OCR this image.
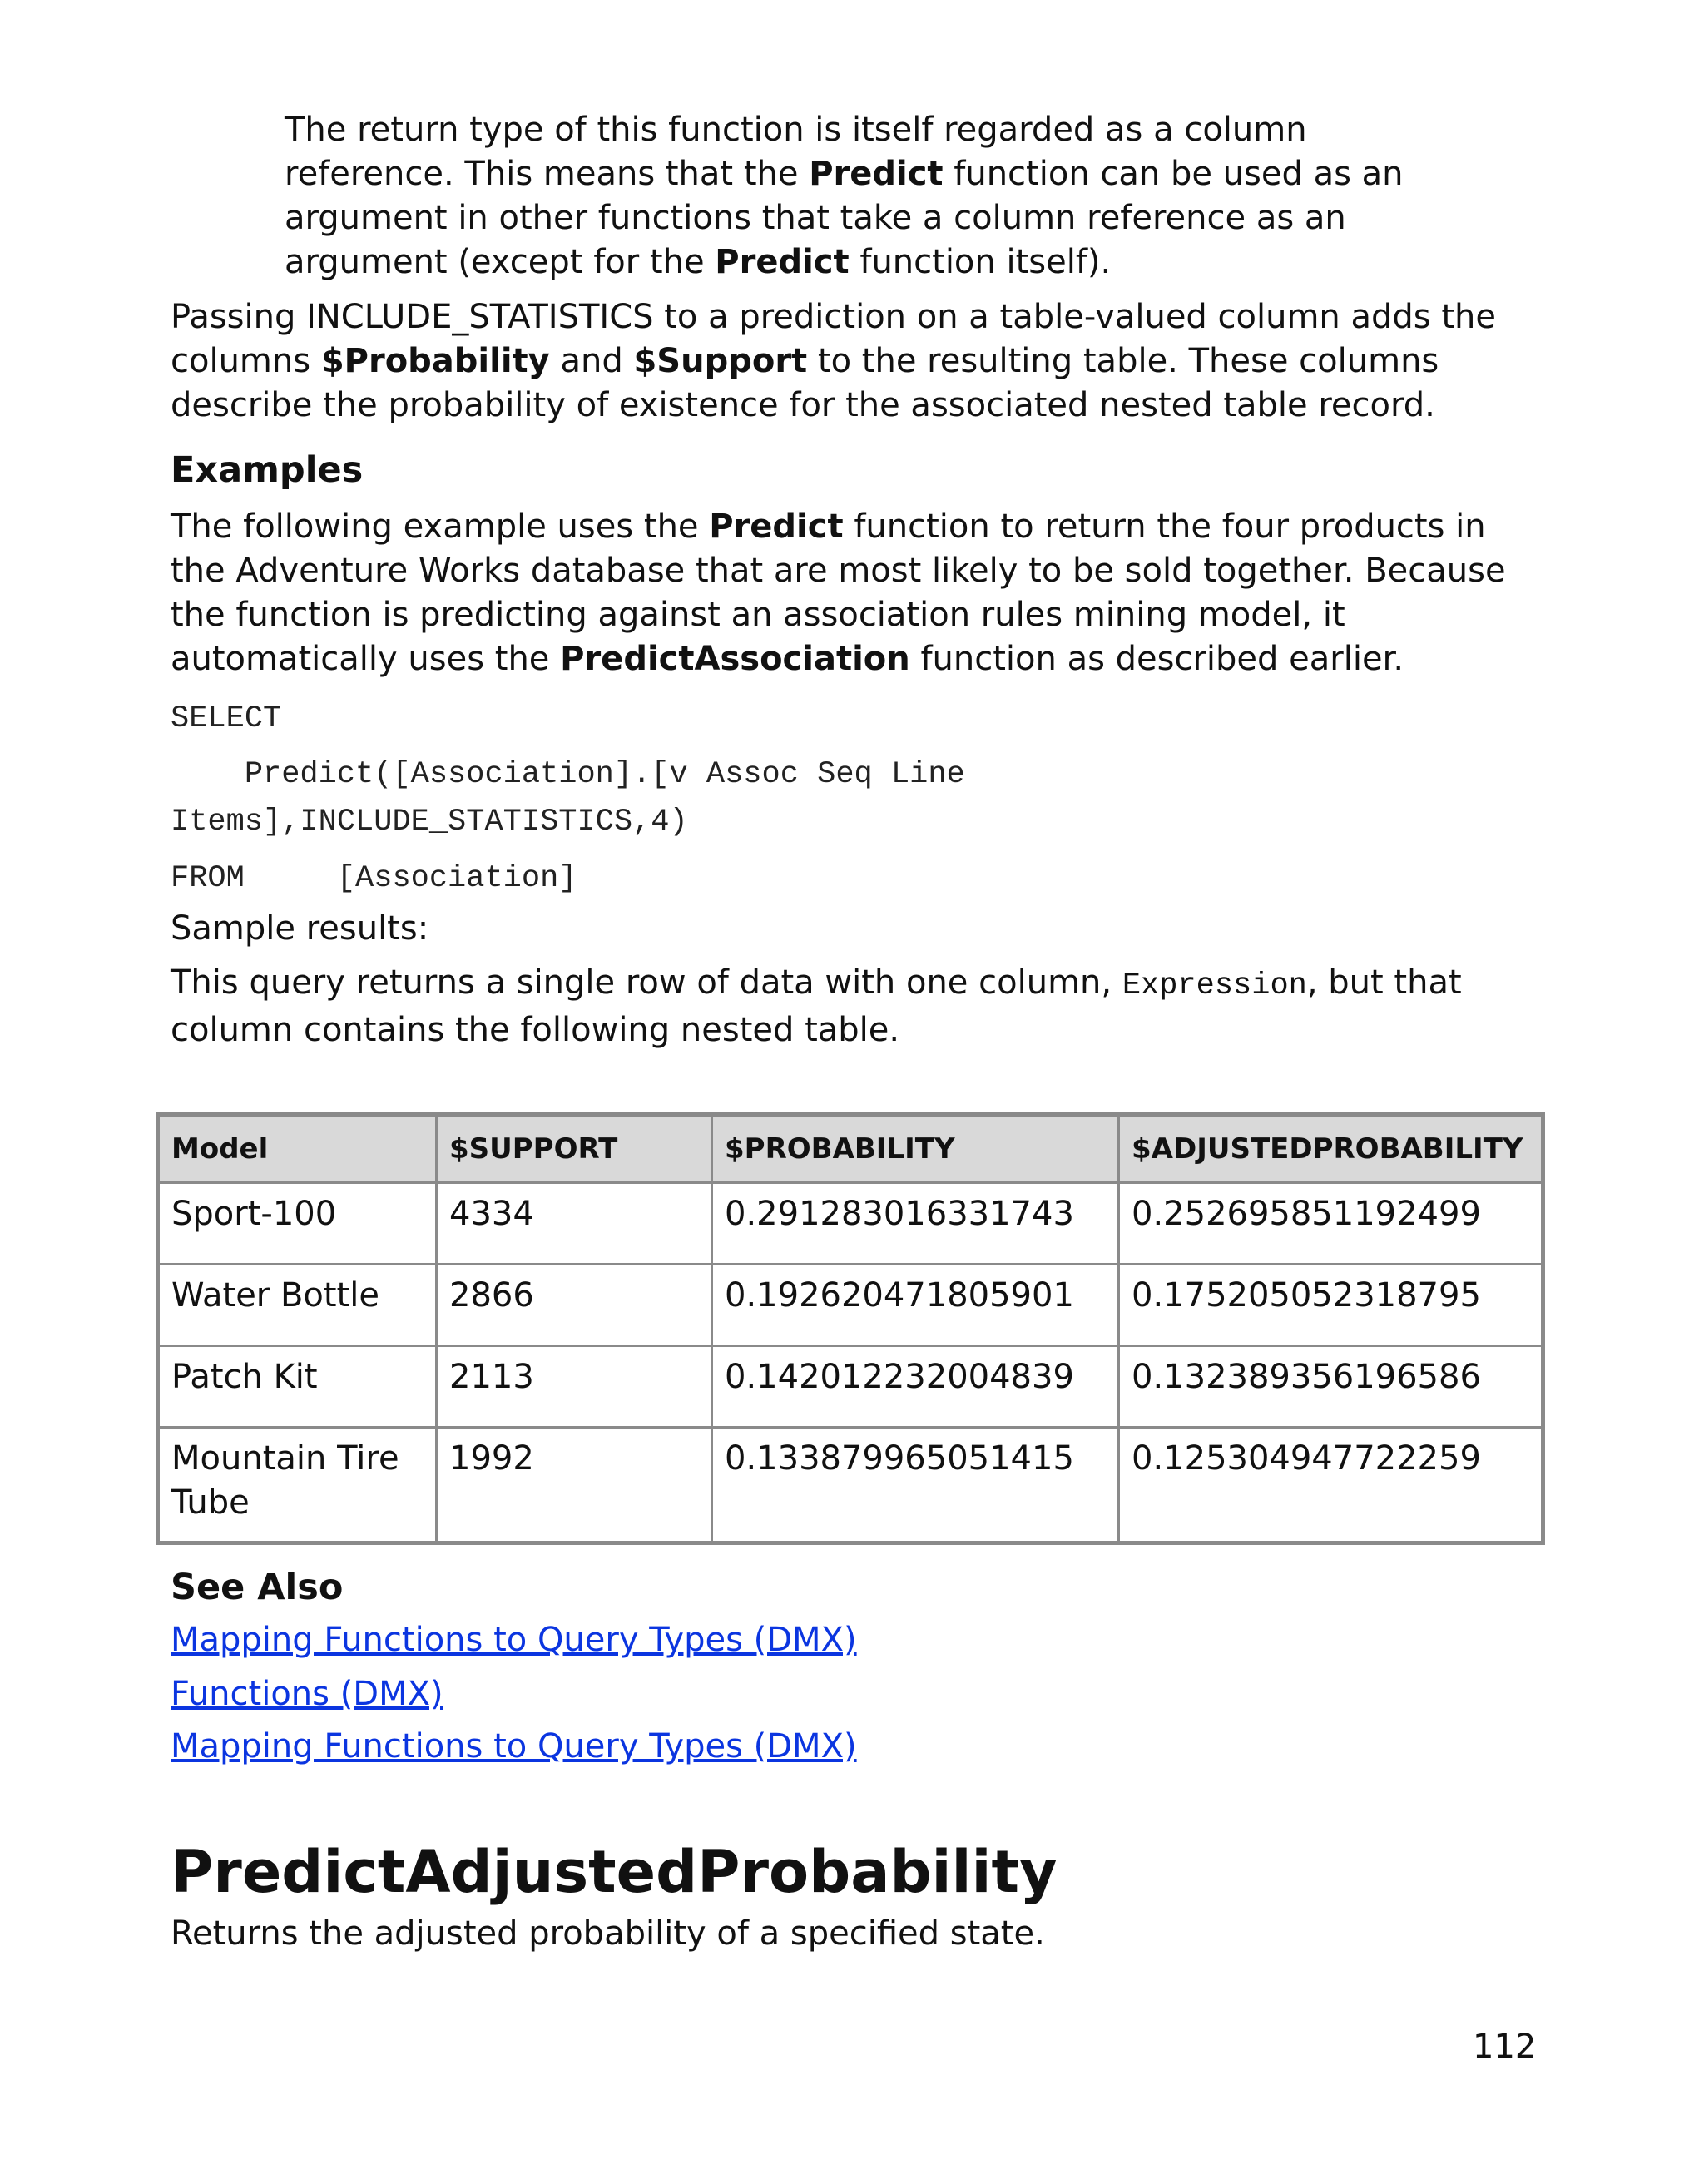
The return type of this function is itself regarded as a column reference. This means that the Predict function can be used as an argument in other functions that take a column reference as an argument (except for the Predict function itself).

Passing INCLUDE_STATISTICS to a prediction on a table-valued column adds the columns $Probability and $Support to the resulting table. These columns describe the probability of existence for the associated nested table record.

Examples

The following example uses the Predict function to return the four products in the Adventure Works database that are most likely to be sold together. Because the function is predicting against an association rules mining model, it automatically uses the PredictAssociation function as described earlier.

SELECT
Predict([Association].[v Assoc Seq Line
Items],INCLUDE_STATISTICS,4)
FROM     [Association]

Sample results:

This query returns a single row of data with one column, Expression, but that column contains the following nested table.

Model	$SUPPORT	$PROBABILITY	$ADJUSTEDPROBABILITY
Sport-100	4334	0.291283016331743	0.252695851192499
Water Bottle	2866	0.192620471805901	0.175205052318795
Patch Kit	2113	0.142012232004839	0.132389356196586
Mountain Tire Tube	1992	0.133879965051415	0.125304947722259
See Also
Mapping Functions to Query Types (DMX)
Functions (DMX)
Mapping Functions to Query Types (DMX)
PredictAdjustedProbability

Returns the adjusted probability of a specified state.

112
